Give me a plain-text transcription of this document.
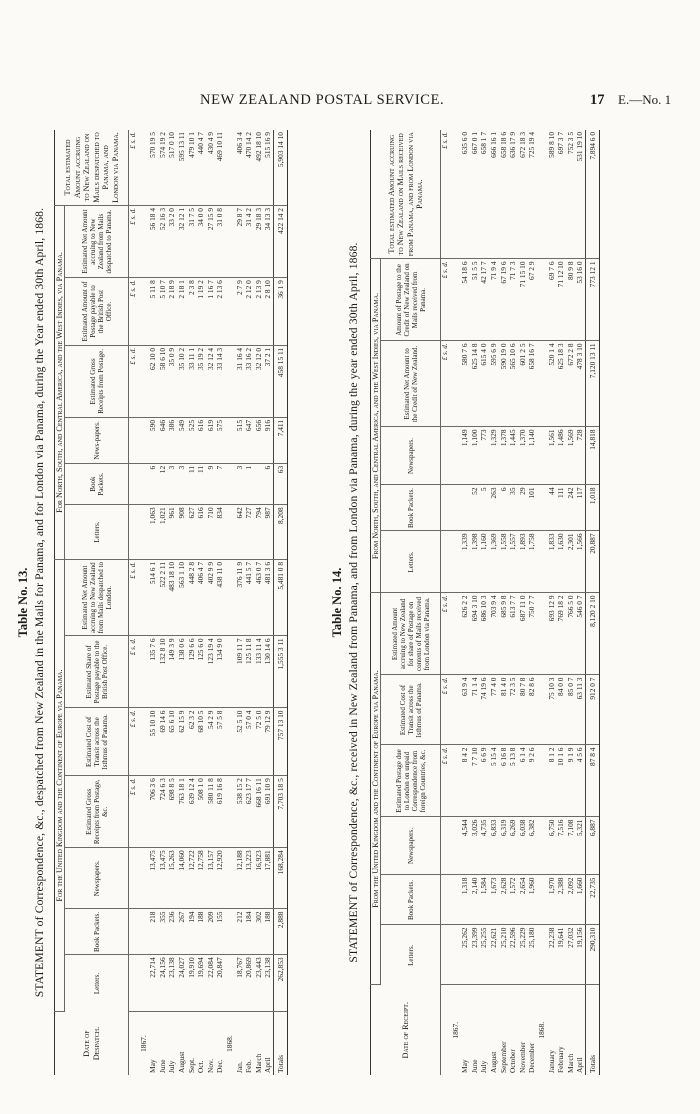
NEW ZEALAND POSTAL SERVICE.	17 E.—No. 1
Table No. 13. STATEMENT of Correspondence, &c., despatched from New Zealand in the Mails for Panama, and for London via Panama, during the Year ended 30th April, 1868.
Date of Despatch.	For the United Kingdom and the Continent of Europe via Panama.							For North, South, and Central America, and the West Indies, via Panama.						Total estimated Amount accruing to New Zealand on Mails despatched to Panama, and London via Panama.
	Letters.	Book Packets.	Newspapers.	Estimated Gross Receipts from Postage, &c.	Estimated Cost of Transit across the Isthmus of Panama.	Estimated Share of Postage payable to the British Post Office.	Estimated Net Amount accruing to New Zealand from Mails despatched to London.	Letters.	Book Packets.	News-papers.	Estimated Gross Receipts from Postage.	Estimated Amount of Postage payable to the British Post Office.	Estimated Net Amount accruing to New Zealand from Mails despatched to Panama.	
				£ s. d.	£ s. d.	£ s. d.	£ s. d.				£ s. d.	£ s. d.	£ s. d.	£ s. d.
1867.														
May	22,714	218	13,475	706 3 6	55 10 10	135 7 6	514 6 1	1,063	6	590	62 10 0	5 11 8	56 18 4	570 19 5
June	24,156	355	13,475	724 6 3	69 14 6	132 8 10	522 2 11	1,021	12	646	58 6 10	5 10 7	52 16 3	574 19 2
July	23,138	236	15,263	698 8 5	65 6 10	149 3 9	483 18 10	961	3	386	35 0 9	2 18 9	33 2 0	517 0 10
August	24,027	267	14,060	763 18 1	62 15 9	138 0 6	563 1 10	908	3	549	35 10 2	2 18 1	32 12 1	595 13 11
Sept.	19,910	194	12,722	639 12 4	62 3 2	129 6 6	448 2 8	627	11	525	33 11 1	2 3 8	31 7 5	479 10 1
Oct.	19,694	188	12,758	508 1 0	68 10 5	125 6 0	406 4 7	616	11	616	35 19 2	1 19 2	34 0 0	440 4 7
Nov.	22,084	209	13,157	580 11 8	54 2 9	123 19 4	402 9 9	710	9	619	32 12 4	1 16 7	27 15 9	430 4 9
Dec.	20,847	155	12,920	619 16 8	57 5 8	134 9 0	438 11 0	834	7	575	33 14 3	2 13 6	31 0 8	469 10 11
1868.														
Jan.	18,767	212	12,188	538 15 2	52 5 10	109 11 7	376 11 9	642	3	515	31 16 4	2 7 9	29 8 7	406 3 4
Feb.	20,869	184	13,223	623 17 7	57 0 4	125 11 8	441 5 7	727	1	647	33 16 2	2 12 0	31 4 2	470 14 2
March	23,443	302	16,923	668 16 11	72 5 0	133 11 4	463 0 7	794		656	32 12 0	2 13 9	29 18 3	492 18 10
April	23,138	188	17,881	691 10 9	79 12 9	130 14 6	481 3 6	987	6	916	37 2 1	2 8 10	34 13 3	515 16 9
Totals	262,853	2,888	168,284	7,703 18 5	757 13 10	1,555 3 11	5,481 0 8	8,208	63	7,411	458 15 11	36 1 9	422 14 2	5,903 14 10
Table No. 14. STATEMENT of Correspondence, &c., received in New Zealand from Panama, and from London via Panama, during the year ended 30th April, 1868.
Date of Receipt.	From the United Kingdom and the Continent of Europe via Panama.						From North, South, and Central America, and the West Indies, via Panama.					Total estimated Amount accruing to New Zealand on Mails received from Panama, and from London via Panama.
	Letters.	Book Packets.	Newspapers.	Estimated Postage due to London on unpaid Correspondence from foreign Countries, &c.	Estimated Cost of Transit across the Isthmus of Panama.	Estimated Amount accruing to New Zealand for share of Postage on contents of Mails received from London via Panama.	Letters.	Book Packets.	Newspapers.	Estimated Net Amount to the Credit of New Zealand.	Amount of Postage to the Credit of New Zealand on Mails received from Panama.	
				£ s. d.	£ s. d.	£ s. d.				£ s. d.	£ s. d.	£ s. d.
1867.												
May	25,262	1,318	4,544	8 4 2	63 9 4	626 2 2	1,339		1,149	580 7 6	54 18 6	635 6 0
June	23,399	2,140	3,026	7 7 10	71 1 4	694 3 10	1,398	52	1,100	625 14 8	51 5 5	667 0 1
July	25,255	1,584	4,735	6 6 9	74 19 6	686 10 3	1,160	5	773	615 4 0	42 17 7	658 1 7
August	22,621	1,673	6,833	5 15 4	77 4 0	703 9 4	1,369	263	1,329	595 6 9	71 9 4	666 16 1
September	25,210	2,628	6,319	6 16 8	81 4 0	685 9 8	1,558	6	1,378	590 19 0	67 19 6	658 18 6
October	22,596	1,572	6,269	5 13 8	72 3 5	613 7 7	1,557	35	1,445	565 10 6	71 7 3	636 17 9
November	25,229	2,654	6,038	6 1 4	80 7 8	687 11 0	1,893	29	1,370	601 2 5	71 15 10	672 18 3
December	25,180	1,960	6,382	9 2 6	82 8 6	750 7 7	1,758	101	1,140	658 16 7	67 2 9	725 19 4
1868.												
January	22,238	1,970	6,750	8 1 2	75 10 3	693 12 9	1,833	44	1,561	520 1 4	69 7 6	589 8 10
February	19,641	2,388	7,516	10 1 6	84 0 0	769 18 2	1,630	111	1,486	625 18 3	71 12 10	697 3 7
March	27,032	2,092	7,108	9 1 9	85 0 7	766 5 0	2,301	242	1,569	672 2 8	80 9 8	752 3 5
April	19,156	1,660	5,321	4 5 6	63 11 3	546 0 7	1,566	117	728	478 3 10	53 16 0	531 19 10
Totals	290,310	22,735	6,887	87 8 4	912 0 7	8,120 2 10	20,887	1,018	14,818	7,120 13 11	773 12 1	7,894 6 0
